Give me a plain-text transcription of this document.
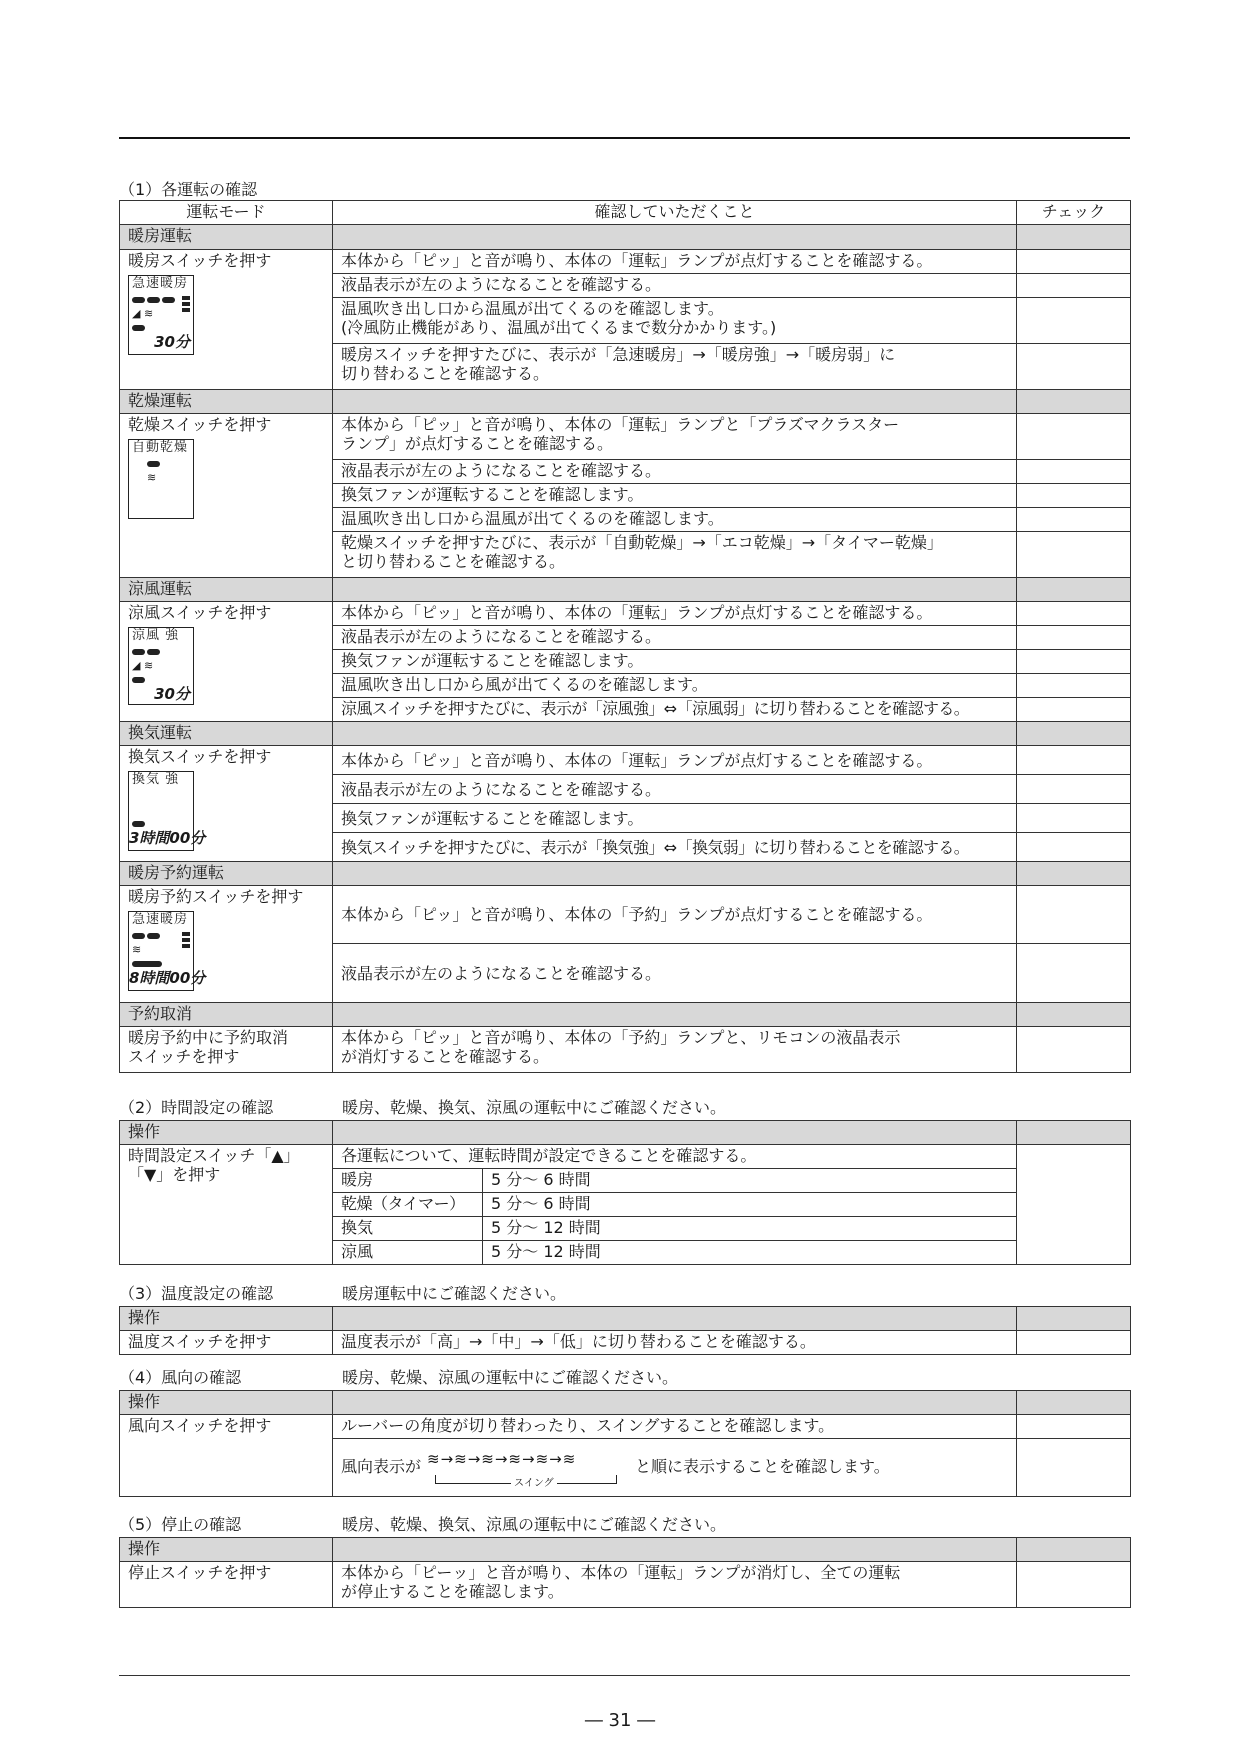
（1）各運転の確認
運転モード	確認していただくこと	チェック
暖房運転		

暖房スイッチを押す
急速暖房
◢ ≋
30分	本体から「ピッ」と音が鳴り、本体の「運転」ランプが点灯することを確認する。	
	液晶表示が左のようになることを確認する。	
	温風吹き出し口から温風が出てくるのを確認します。
(冷風防止機能があり、温風が出てくるまで数分かかります。)	
	暖房スイッチを押すたびに、表示が「急速暖房」→「暖房強」→「暖房弱」に
切り替わることを確認する。	
乾燥運転		

乾燥スイッチを押す
自動乾燥
≋	本体から「ピッ」と音が鳴り、本体の「運転」ランプと「プラズマクラスター
ランプ」が点灯することを確認する。	
	液晶表示が左のようになることを確認する。	
	換気ファンが運転することを確認します。	
	温風吹き出し口から温風が出てくるのを確認します。	
	乾燥スイッチを押すたびに、表示が「自動乾燥」→「エコ乾燥」→「タイマー乾燥」
と切り替わることを確認する。	
涼風運転		

涼風スイッチを押す
涼風 強
◢ ≋
30分	本体から「ピッ」と音が鳴り、本体の「運転」ランプが点灯することを確認する。	
	液晶表示が左のようになることを確認する。	
	換気ファンが運転することを確認します。	
	温風吹き出し口から風が出てくるのを確認します。	
	涼風スイッチを押すたびに、表示が「涼風強」⇔「涼風弱」に切り替わることを確認する。	
換気運転		

換気スイッチを押す
換気 強
3時間00分	本体から「ピッ」と音が鳴り、本体の「運転」ランプが点灯することを確認する。	
	液晶表示が左のようになることを確認する。	
	換気ファンが運転することを確認します。	
	換気スイッチを押すたびに、表示が「換気強」⇔「換気弱」に切り替わることを確認する。	
暖房予約運転		

暖房予約スイッチを押す
急速暖房
≋
8時間00分	本体から「ピッ」と音が鳴り、本体の「予約」ランプが点灯することを確認する。	
	液晶表示が左のようになることを確認する。	
予約取消		
暖房予約中に予約取消
スイッチを押す	本体から「ピッ」と音が鳴り、本体の「予約」ランプと、リモコンの液晶表示
が消灯することを確認する。	
（2）時間設定の確認	暖房、乾燥、換気、涼風の運転中にご確認ください。
操作			
時間設定スイッチ「▲」
「▼」を押す	各運転について、運転時間が設定できることを確認する。		
	暖房	5 分〜 6 時間	
	乾燥（タイマー）	5 分〜 6 時間	
	換気	5 分〜 12 時間	
	涼風	5 分〜 12 時間	
（3）温度設定の確認	暖房運転中にご確認ください。
操作		
温度スイッチを押す	温度表示が「高」→「中」→「低」に切り替わることを確認する。	
（4）風向の確認	暖房、乾燥、涼風の運転中にご確認ください。
操作		
風向スイッチを押す	ルーバーの角度が切り替わったり、スイングすることを確認します。	
	風向表示が ≋→≋→≋→≋→≋→≋
スイング
と順に表示することを確認します。	
（5）停止の確認	暖房、乾燥、換気、涼風の運転中にご確認ください。
操作		
停止スイッチを押す	本体から「ピーッ」と音が鳴り、本体の「運転」ランプが消灯し、全ての運転
が停止することを確認します。	
― 31 ―
